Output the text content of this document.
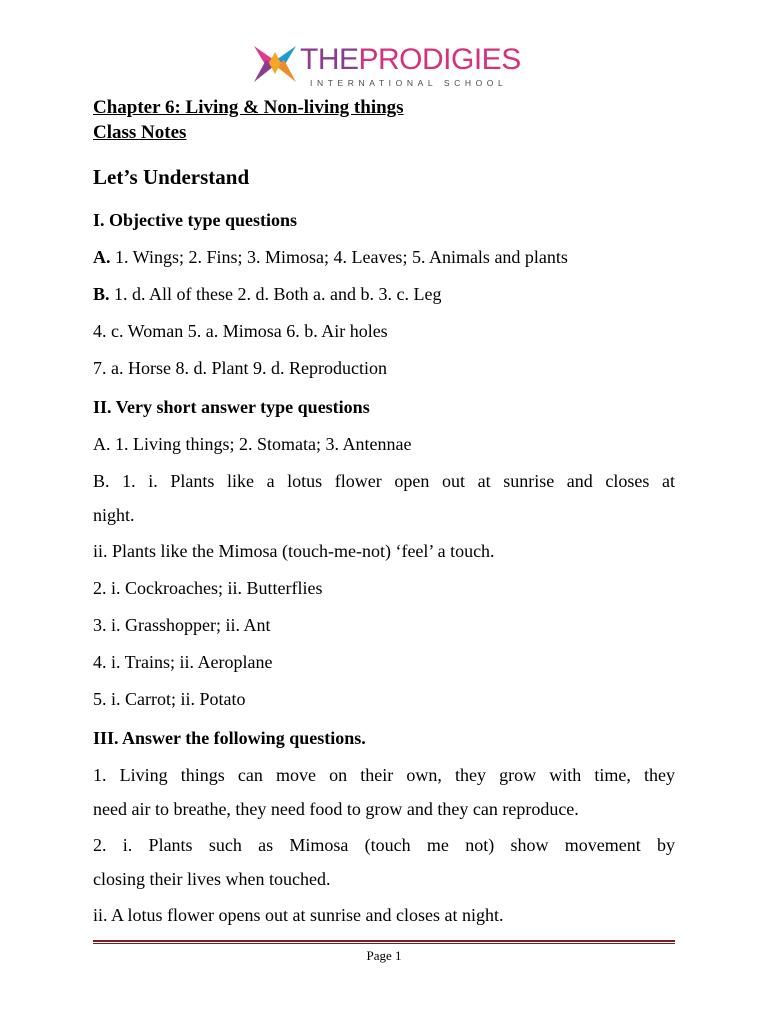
THEPRODIGIES
INTERNATIONAL SCHOOL
Chapter 6: Living & Non-living things
Class Notes
Let’s Understand
I. Objective type questions
A. 1. Wings; 2. Fins; 3. Mimosa; 4. Leaves; 5. Animals and plants
B. 1. d. All of these 2. d. Both a. and b. 3. c. Leg
4. c. Woman 5. a. Mimosa 6. b. Air holes
7. a. Horse 8. d. Plant 9. d. Reproduction
II. Very short answer type questions
A. 1. Living things; 2. Stomata; 3. Antennae
B. 1. i. Plants like a lotus flower open out at sunrise and closes at
night.
ii. Plants like the Mimosa (touch-me-not) ‘feel’ a touch.
2. i. Cockroaches; ii. Butterflies
3. i. Grasshopper; ii. Ant
4. i. Trains; ii. Aeroplane
5. i. Carrot; ii. Potato
III. Answer the following questions.
1. Living things can move on their own, they grow with time, they
need air to breathe, they need food to grow and they can reproduce.
2. i. Plants such as Mimosa (touch me not) show movement by
closing their lives when touched.
ii. A lotus flower opens out at sunrise and closes at night.
Page 1
